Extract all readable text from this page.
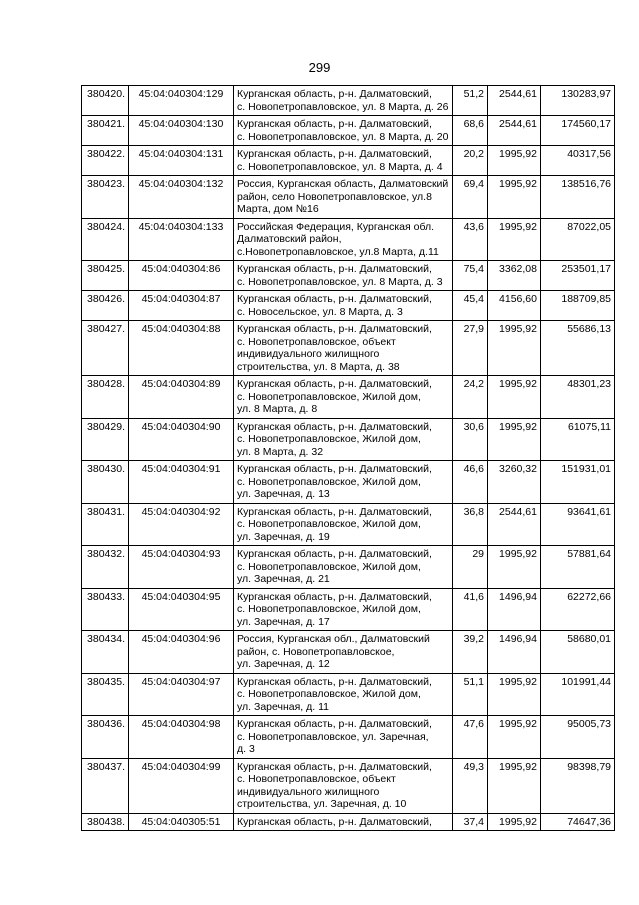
299
380420.	45:04:040304:129	Курганская область, р-н. Далматовский,
с. Новопетропавловское, ул. 8 Марта, д. 26	51,2	2544,61	130283,97
380421.	45:04:040304:130	Курганская область, р-н. Далматовский,
с. Новопетропавловское, ул. 8 Марта, д. 20	68,6	2544,61	174560,17
380422.	45:04:040304:131	Курганская область, р-н. Далматовский,
с. Новопетропавловское, ул. 8 Марта, д. 4	20,2	1995,92	40317,56
380423.	45:04:040304:132	Россия, Курганская область, Далматовский
район, село Новопетропавловское, ул.8
Марта, дом №16	69,4	1995,92	138516,76
380424.	45:04:040304:133	Российская Федерация, Курганская обл.
Далматовский район,
с.Новопетропавловское, ул.8 Марта, д.11	43,6	1995,92	87022,05
380425.	45:04:040304:86	Курганская область, р-н. Далматовский,
с. Новопетропавловское, ул. 8 Марта, д. 3	75,4	3362,08	253501,17
380426.	45:04:040304:87	Курганская область, р-н. Далматовский,
с. Новосельское, ул. 8 Марта, д. 3	45,4	4156,60	188709,85
380427.	45:04:040304:88	Курганская область, р-н. Далматовский,
с. Новопетропавловское, объект
индивидуального жилищного
строительства, ул. 8 Марта, д. 38	27,9	1995,92	55686,13
380428.	45:04:040304:89	Курганская область, р-н. Далматовский,
с. Новопетропавловское, Жилой дом,
ул. 8 Марта, д. 8	24,2	1995,92	48301,23
380429.	45:04:040304:90	Курганская область, р-н. Далматовский,
с. Новопетропавловское, Жилой дом,
ул. 8 Марта, д. 32	30,6	1995,92	61075,11
380430.	45:04:040304:91	Курганская область, р-н. Далматовский,
с. Новопетропавловское, Жилой дом,
ул. Заречная, д. 13	46,6	3260,32	151931,01
380431.	45:04:040304:92	Курганская область, р-н. Далматовский,
с. Новопетропавловское, Жилой дом,
ул. Заречная, д. 19	36,8	2544,61	93641,61
380432.	45:04:040304:93	Курганская область, р-н. Далматовский,
с. Новопетропавловское, Жилой дом,
ул. Заречная, д. 21	29	1995,92	57881,64
380433.	45:04:040304:95	Курганская область, р-н. Далматовский,
с. Новопетропавловское, Жилой дом,
ул. Заречная, д. 17	41,6	1496,94	62272,66
380434.	45:04:040304:96	Россия, Курганская обл., Далматовский
район, с. Новопетропавловское,
ул. Заречная, д. 12	39,2	1496,94	58680,01
380435.	45:04:040304:97	Курганская область, р-н. Далматовский,
с. Новопетропавловское, Жилой дом,
ул. Заречная, д. 11	51,1	1995,92	101991,44
380436.	45:04:040304:98	Курганская область, р-н. Далматовский,
с. Новопетропавловское, ул. Заречная,
д. 3	47,6	1995,92	95005,73
380437.	45:04:040304:99	Курганская область, р-н. Далматовский,
с. Новопетропавловское, объект
индивидуального жилищного
строительства, ул. Заречная, д. 10	49,3	1995,92	98398,79
380438.	45:04:040305:51	Курганская область, р-н. Далматовский,	37,4	1995,92	74647,36
